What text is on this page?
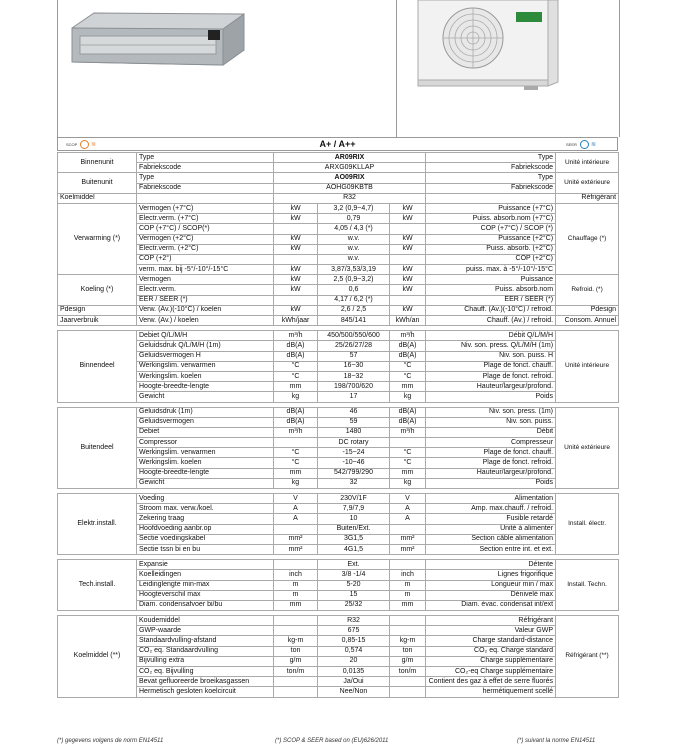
SCOP ≋	A+ / A++	SEER ≋
Binnenunit	Type	AR09RIX			Type	Unité intérieure
	Fabriekscode	ARXG09KLLAP			Fabriekscode	
Buitenunit	Type	AO09RIX			Type	Unité extérieure
	Fabriekscode	AOHG09KBTB			Fabriekscode	
Koelmiddel		R32				Réfrigérant
Verwarming (*)	Vermogen (+7°C)	kW	3,2 (0,9~4,7)	kW	Puissance (+7°C)	Chauffage (*)
	Electr.verm. (+7°C)	kW	0,79	kW	Puiss. absorb.nom (+7°C)	
	COP (+7°C) / SCOP(*)		4,05 / 4,3 (*)		COP (+7°C) / SCOP (*)	
	Vermogen (+2°C)	kW	w.v.	kW	Puissance (+2°C)	
	Electr.verm. (+2°C)	kW	w.v.	kW	Puiss. absorb. (+2°C)	
	COP (+2°)		w.v.		COP (+2°C)	
	verm. max. bij -5°/-10°/-15°C	kW	3,87/3,53/3,19	kW	puiss. max. à -5°/-10°/-15°C	
Koeling (*)	Vermogen	kW	2,5 (0,9~3,2)	kW	Puissance	Refroid. (*)
	Electr.verm.	kW	0,6	kW	Puiss. absorb.nom	
	EER / SEER (*)		4,17 / 6,2 (*)		EER / SEER (*)	
Pdesign	Verw. (Av.)(-10°C) / koelen	kW	2,6 / 2,5	kW	Chauff. (Av.)(-10°C) / refroid.	Pdesign
Jaarverbruik	Verw. (Av.) / koelen	kWh/jaar	845/141	kWh/an	Chauff. (Av.) / refroid.	Consom. Annuel

Binnendeel	Debiet Q/L/M/H	m³/h	450/500/550/600	m³/h	Débit Q/L/M/H	Unité intérieure
	Geluidsdruk Q/L/M/H (1m)	dB(A)	25/26/27/28	dB(A)	Niv. son. press. Q/L/M/H (1m)	
	Geluidsvermogen H	dB(A)	57	dB(A)	Niv. son. puiss. H	
	Werkingslim. verwarmen	°C	16~30	°C	Plage de fonct. chauff.	
	Werkingslim. koelen	°C	18~32	°C	Plage de fonct. refroid.	
	Hoogte-breedte-lengte	mm	198/700/620	mm	Hauteur/largeur/profond.	
	Gewicht	kg	17	kg	Poids	

Buitendeel	Geluidsdruk (1m)	dB(A)	46	dB(A)	Niv. son. press. (1m)	Unité extérieure
	Geluidsvermogen	dB(A)	59	dB(A)	Niv. son. puiss.	
	Debiet	m³/h	1480	m³/h	Débit	
	Compressor		DC rotary		Compresseur	
	Werkingslim. verwarmen	°C	-15~24	°C	Plage de fonct. chauff.	
	Werkingslim. koelen	°C	-10~46	°C	Plage de fonct. refroid.	
	Hoogte-breedte-lengte	mm	542/799/290	mm	Hauteur/largeur/profond.	
	Gewicht	kg	32	kg	Poids	

Elektr.install.	Voeding	V	230V/1F	V	Alimentation	Install. électr.
	Stroom max. verw./koel.	A	7,9/7,9	A	Amp. max.chauff. / refroid.	
	Zekering traag	A	10	A	Fusible retardé	
	Hoofdvoeding aanbr.op		Buiten/Ext.		Unité à alimenter	
	Sectie voedingskabel	mm²	3G1,5	mm²	Section câble alimentation	
	Sectie tssn bi en bu	mm²	4G1,5	mm²	Section entre int. et ext.	

Tech.install.	Expansie		Ext.		Détente	Install. Techn.
	Koelleidingen	inch	3/8 -1/4	inch	Lignes frigorifique	
	Leidinglengte min-max	m	5-20	m	Longueur min / max	
	Hoogteverschil max	m	15	m	Dénivelé max	
	Diam. condensafvoer bi/bu	mm	25/32	mm	Diam. évac. condensat int/ext	

Koelmiddel (**)	Koudemiddel		R32		Réfrigérant	Réfrigérant (**)
	GWP-waarde		675		Valeur GWP	
	Standaardvulling-afstand	kg-m	0,85-15	kg-m	Charge standard-distance	
	CO₂ eq. Standaardvulling	ton	0,574	ton	CO₂ eq. Charge standard	
	Bijvulling extra	g/m	20	g/m	Charge supplémentaire	
	CO₂ eq. Bijvulling	ton/m	0,0135	ton/m	CO₂-eq Charge supplémentaire	
	Bevat gefluoreerde broeikasgassen		Ja/Oui		Contient des gaz à effet de serre fluorés	
	Hermetisch gesloten koelcircuit		Nee/Non		hermétiquement scellé	
(*) gegevens volgens de norm EN14511	(*) SCOP & SEER based on (EU)626/2011	(*) suivant la norme EN14511
